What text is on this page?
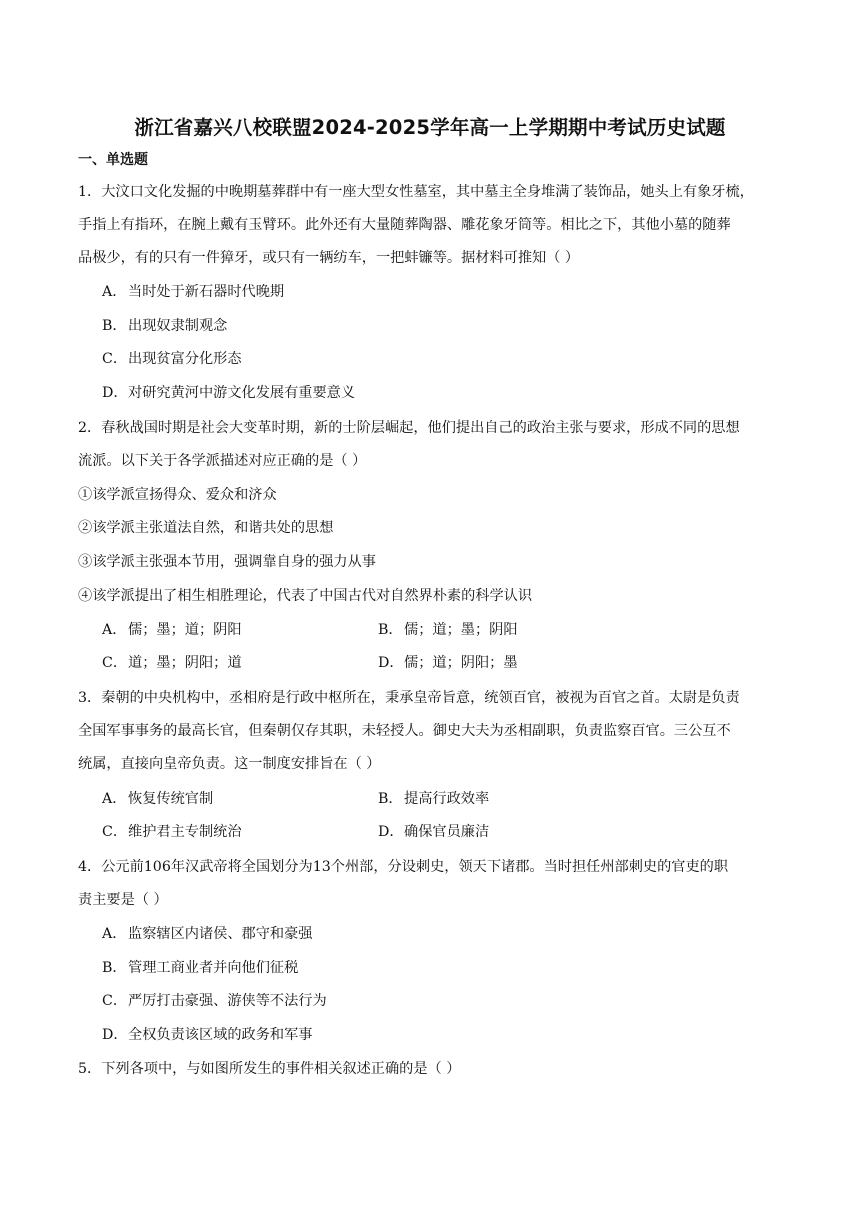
浙江省嘉兴八校联盟2024-2025学年高一上学期期中考试历史试题
一、单选题
1．大汶口文化发掘的中晚期墓葬群中有一座大型女性墓室，其中墓主全身堆满了装饰品，她头上有象牙梳，
手指上有指环，在腕上戴有玉臂环。此外还有大量随葬陶器、雕花象牙筒等。相比之下，其他小墓的随葬
品极少，有的只有一件獐牙，或只有一辆纺车，一把蚌镰等。据材料可推知（ ）
A． 当时处于新石器时代晚期
B．出现奴隶制观念
C．出现贫富分化形态
D．对研究黄河中游文化发展有重要意义
2．春秋战国时期是社会大变革时期，新的士阶层崛起，他们提出自己的政治主张与要求，形成不同的思想
流派。以下关于各学派描述对应正确的是（ ）
①该学派宣扬得众、爱众和济众
②该学派主张道法自然，和谐共处的思想
③该学派主张强本节用，强调靠自身的强力从事
④该学派提出了相生相胜理论，代表了中国古代对自然界朴素的科学认识
A． 儒；墨；道；阴阳	B．儒；道；墨；阴阳
C．道；墨；阴阳；道	D．儒；道；阴阳；墨
3．秦朝的中央机构中，丞相府是行政中枢所在，秉承皇帝旨意，统领百官，被视为百官之首。太尉是负责
全国军事事务的最高长官，但秦朝仅存其职，未轻授人。御史大夫为丞相副职，负责监察百官。三公互不
统属，直接向皇帝负责。这一制度安排旨在（ ）
A． 恢复传统官制	B．提高行政效率
C．维护君主专制统治	D．确保官员廉洁
4．公元前106年汉武帝将全国划分为13个州部，分设刺史，领天下诸郡。当时担任州部刺史的官吏的职
责主要是（ ）
A． 监察辖区内诸侯、郡守和豪强
B．管理工商业者并向他们征税
C．严厉打击豪强、游侠等不法行为
D．全权负责该区域的政务和军事
5．下列各项中，与如图所发生的事件相关叙述正确的是（ ）
